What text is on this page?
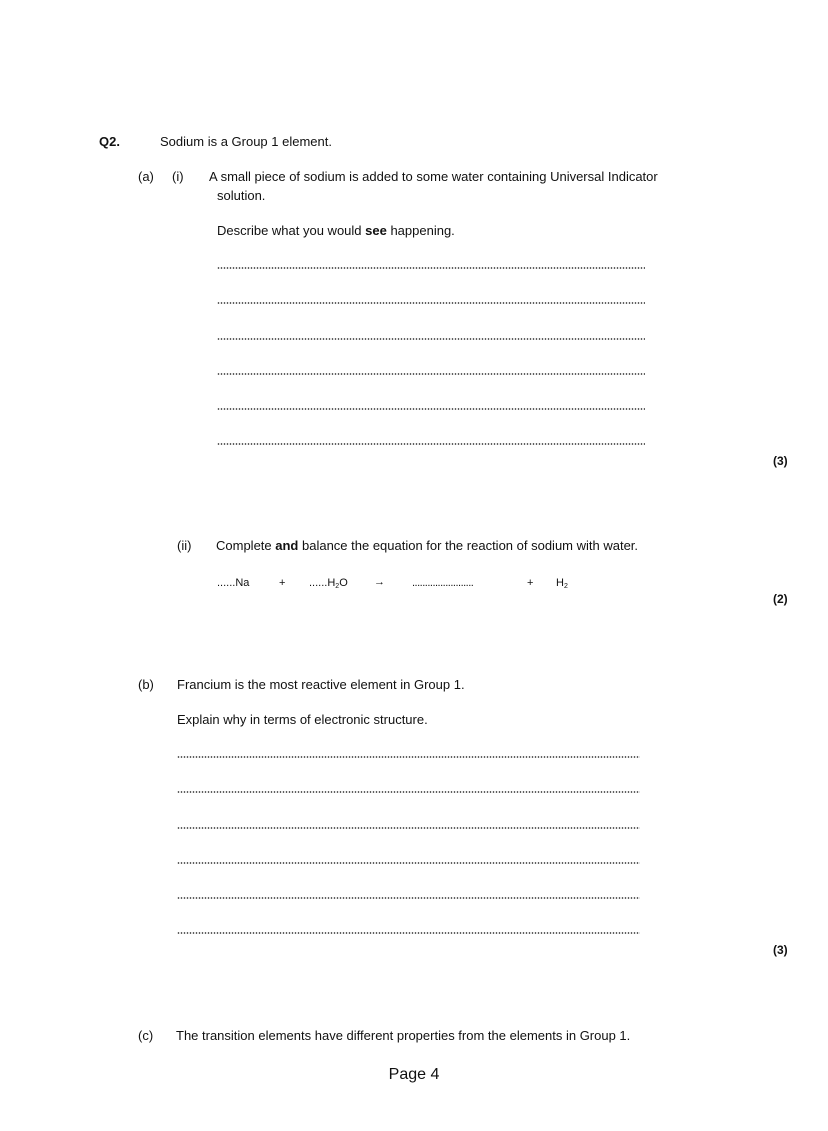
Q2.	Sodium is a Group 1 element.
(a) (i) A small piece of sodium is added to some water containing Universal Indicator
solution.
Describe what you would see happening.
(3)
(ii) Complete and balance the equation for the reaction of sodium with water.
......Na	+ $......H_2O$ → ........................	+ $H_2$
(2)
(b) Francium is the most reactive element in Group 1.
Explain why in terms of electronic structure.
(3)
(c) The transition elements have different properties from the elements in Group 1.
Page 4
